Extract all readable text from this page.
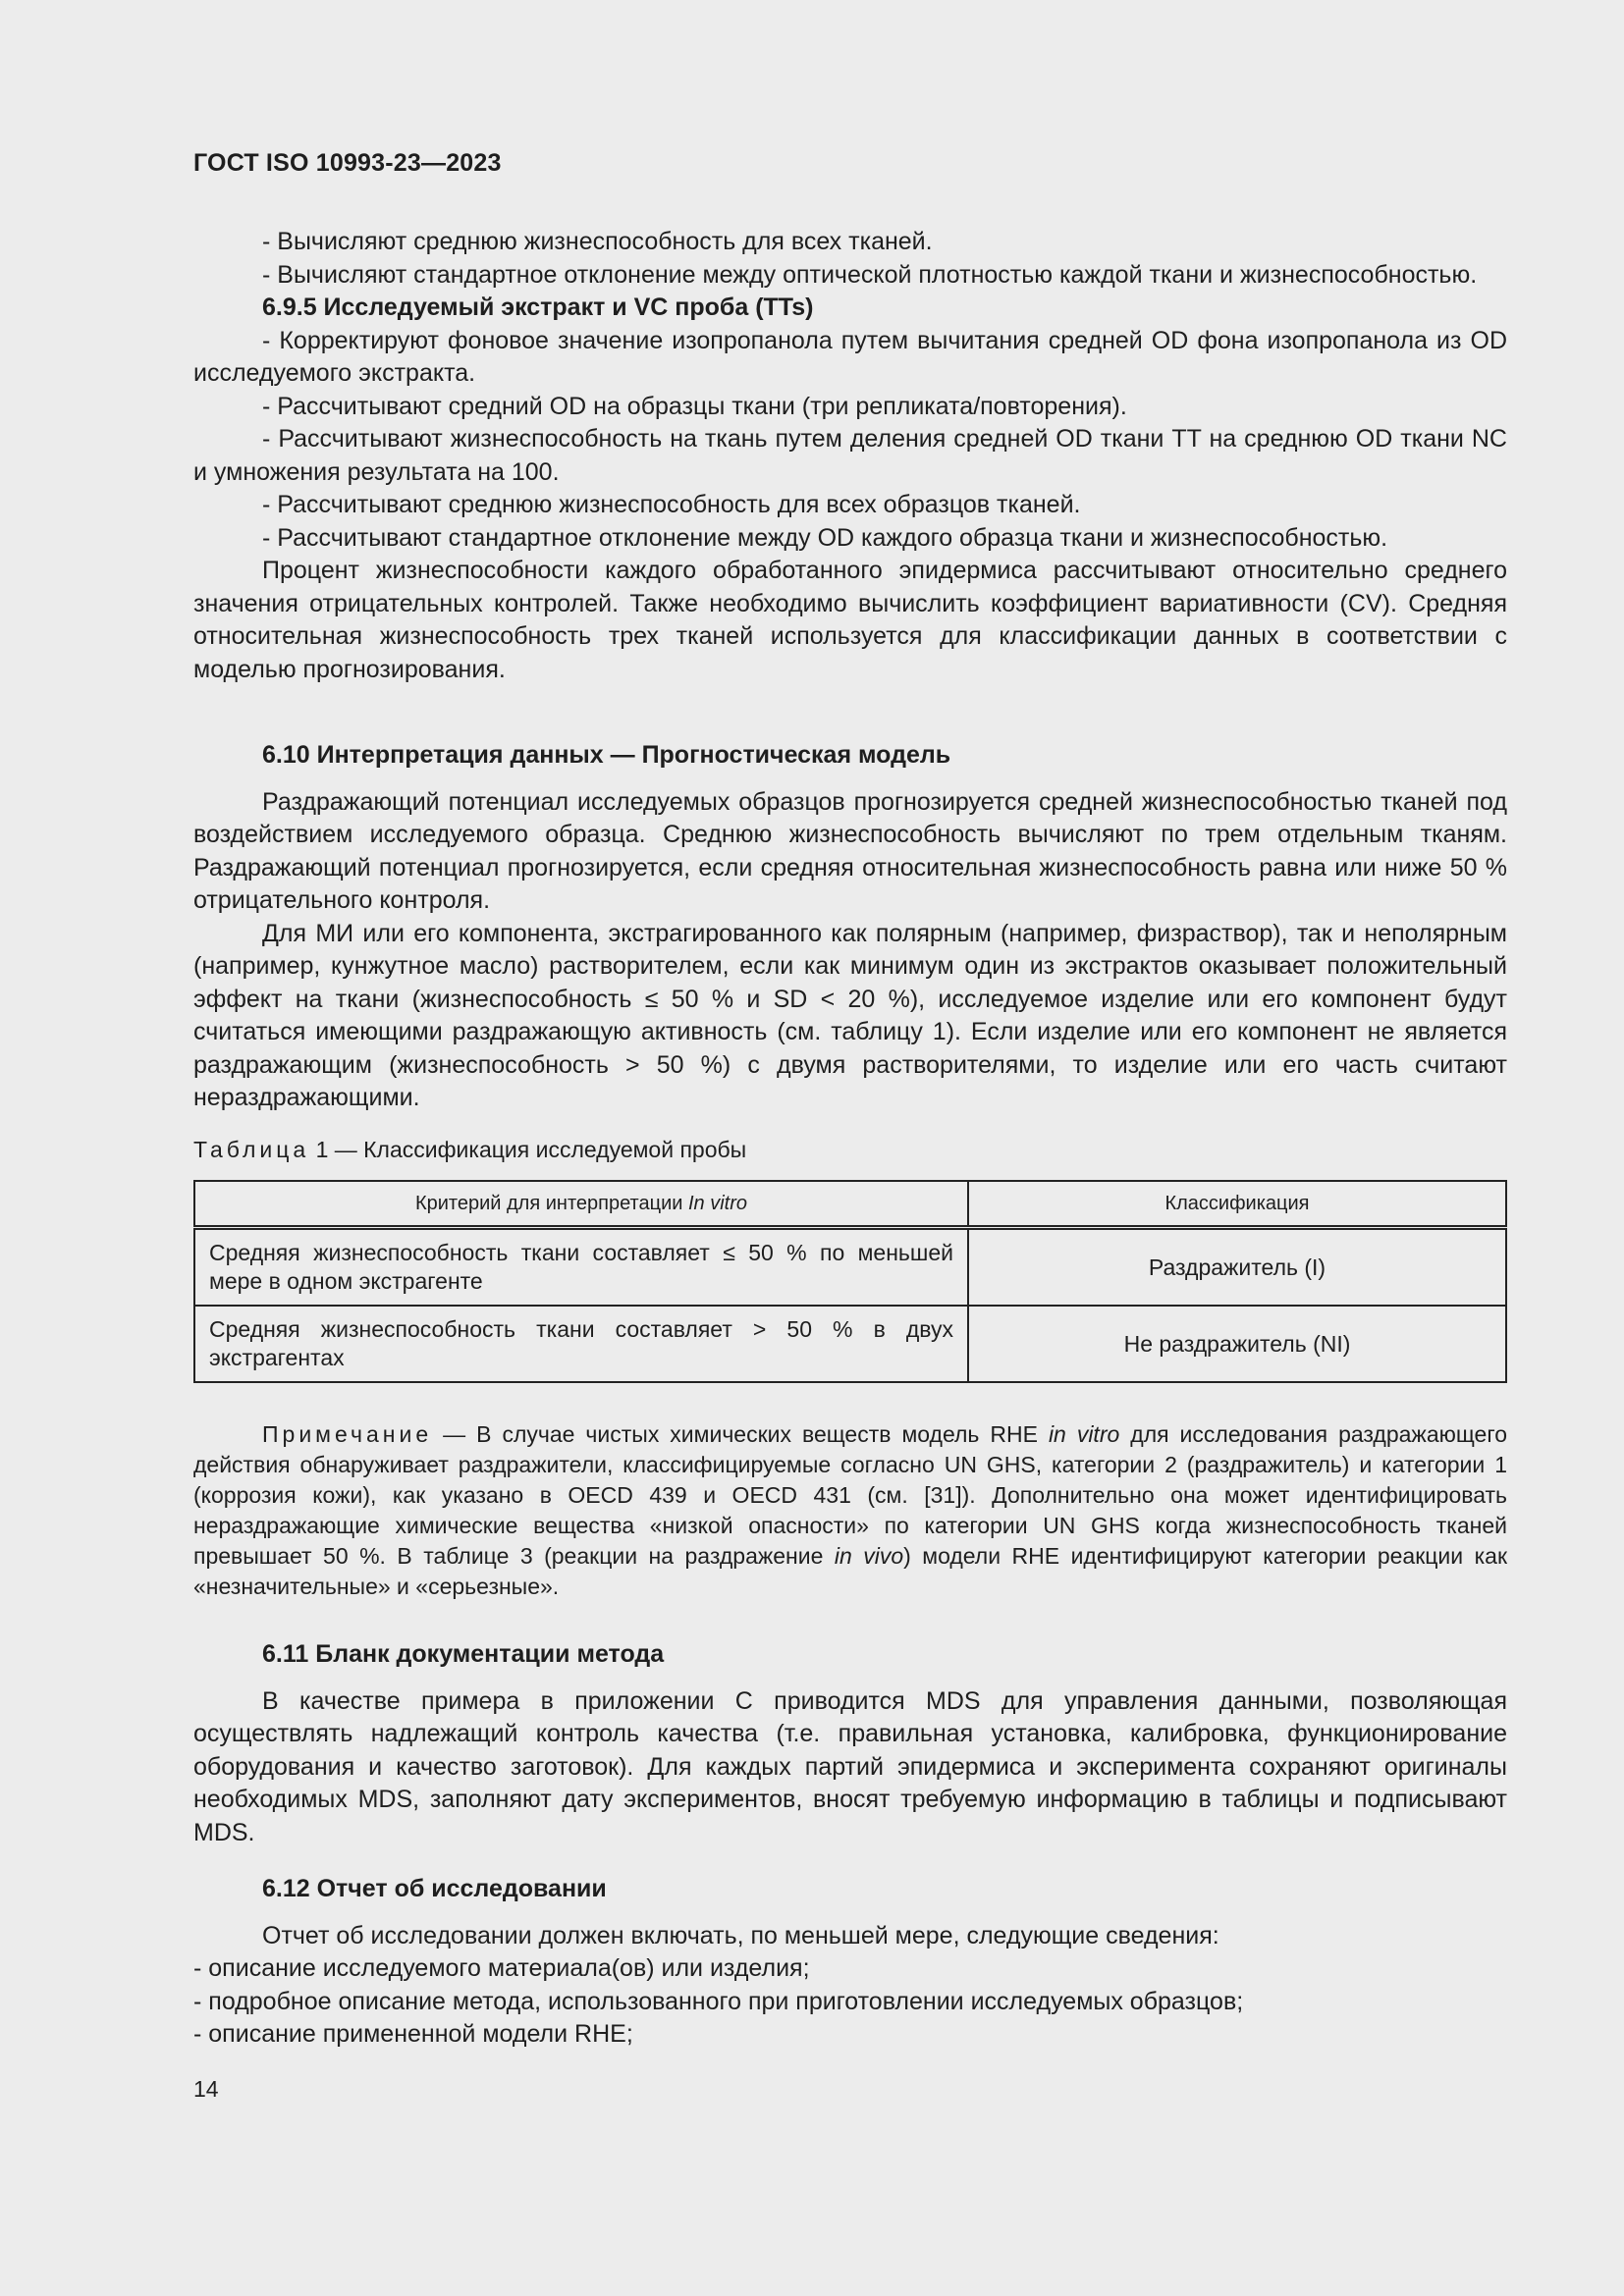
ГОСТ ISO 10993-23—2023

- Вычисляют среднюю жизнеспособность для всех тканей.

- Вычисляют стандартное отклонение между оптической плотностью каждой ткани и жизнеспособностью.

6.9.5 Исследуемый экстракт и VC проба (TTs)

- Корректируют фоновое значение изопропанола путем вычитания средней OD фона изопропанола из OD исследуемого экстракта.

- Рассчитывают средний OD на образцы ткани (три репликата/повторения).

- Рассчитывают жизнеспособность на ткань путем деления средней OD ткани TT на среднюю OD ткани NC и умножения результата на 100.

- Рассчитывают среднюю жизнеспособность для всех образцов тканей.

- Рассчитывают стандартное отклонение между OD каждого образца ткани и жизнеспособностью.

Процент жизнеспособности каждого обработанного эпидермиса рассчитывают относительно среднего значения отрицательных контролей. Также необходимо вычислить коэффициент вариативности (CV). Средняя относительная жизнеспособность трех тканей используется для классификации данных в соответствии с моделью прогнозирования.

6.10 Интерпретация данных — Прогностическая модель

Раздражающий потенциал исследуемых образцов прогнозируется средней жизнеспособностью тканей под воздействием исследуемого образца. Среднюю жизнеспособность вычисляют по трем отдельным тканям. Раздражающий потенциал прогнозируется, если средняя относительная жизнеспособность равна или ниже 50 % отрицательного контроля.

Для МИ или его компонента, экстрагированного как полярным (например, физраствор), так и неполярным (например, кунжутное масло) растворителем, если как минимум один из экстрактов оказывает положительный эффект на ткани (жизнеспособность ≤ 50 % и SD < 20 %), исследуемое изделие или его компонент будут считаться имеющими раздражающую активность (см. таблицу 1). Если изделие или его компонент не является раздражающим (жизнеспособность > 50 %) с двумя растворителями, то изделие или его часть считают нераздражающими.

Таблица 1 — Классификация исследуемой пробы
Критерий для интерпретации In vitro	Классификация
Средняя жизнеспособность ткани составляет ≤ 50 % по меньшей мере в одном экстрагенте	Раздражитель (I)
Средняя жизнеспособность ткани составляет > 50 % в двух экстрагентах	Не раздражитель (NI)
Примечание — В случае чистых химических веществ модель RHE in vitro для исследования раздражающего действия обнаруживает раздражители, классифицируемые согласно UN GHS, категории 2 (раздражитель) и категории 1 (коррозия кожи), как указано в OECD 439 и OECD 431 (см. [31]). Дополнительно она может идентифицировать нераздражающие химические вещества «низкой опасности» по категории UN GHS когда жизнеспособность тканей превышает 50 %. В таблице 3 (реакции на раздражение in vivo) модели RHE идентифицируют категории реакции как «незначительные» и «серьезные».

6.11 Бланк документации метода

В качестве примера в приложении С приводится MDS для управления данными, позволяющая осуществлять надлежащий контроль качества (т.е. правильная установка, калибровка, функционирование оборудования и качество заготовок). Для каждых партий эпидермиса и эксперимента сохраняют оригиналы необходимых MDS, заполняют дату экспериментов, вносят требуемую информацию в таблицы и подписывают MDS.

6.12 Отчет об исследовании

Отчет об исследовании должен включать, по меньшей мере, следующие сведения:

- описание исследуемого материала(ов) или изделия;

- подробное описание метода, использованного при приготовлении исследуемых образцов;

- описание примененной модели RHE;

14
